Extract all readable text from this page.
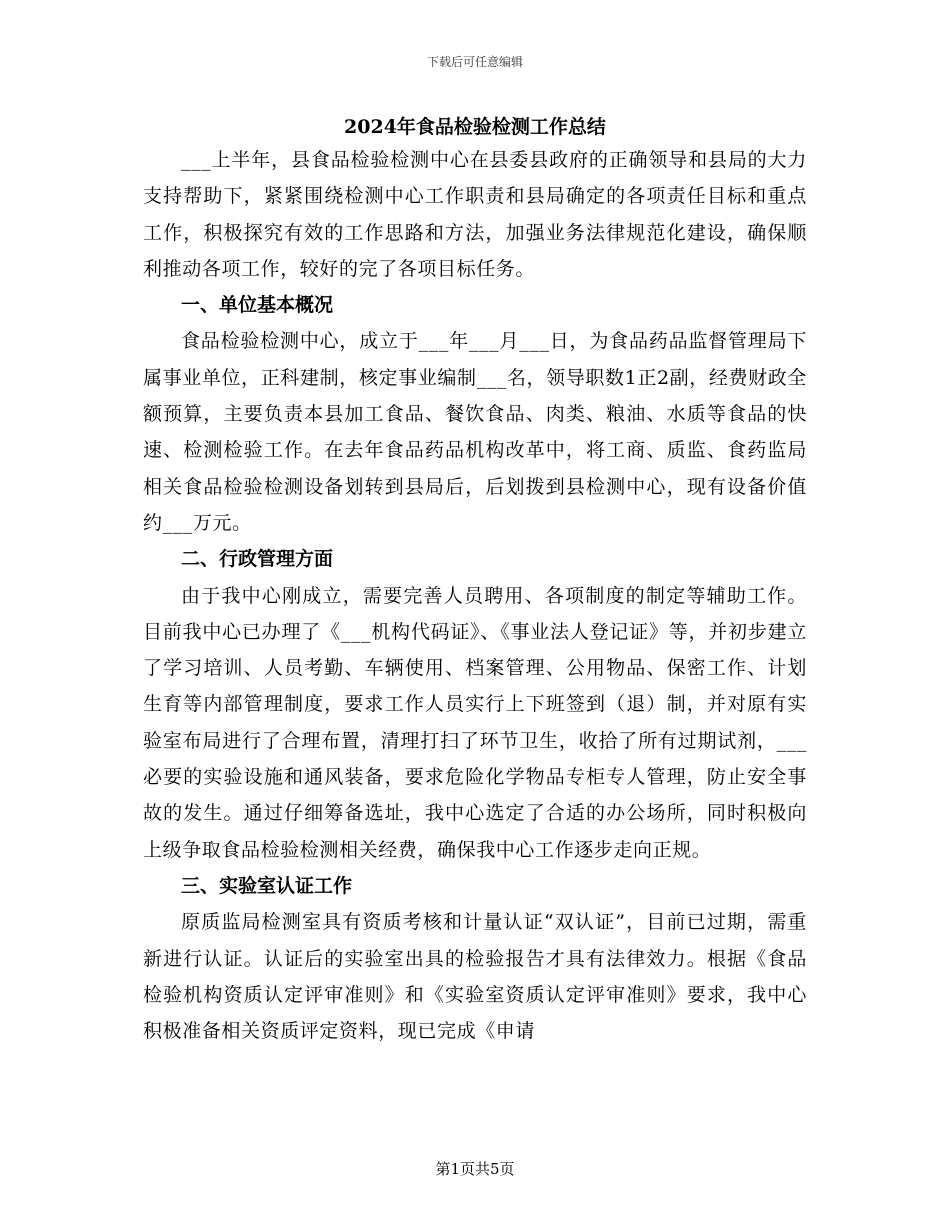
下载后可任意编辑

2024年食品检验检测工作总结

___上半年，县食品检验检测中心在县委县政府的正确领导和县局的大力支持帮助下，紧紧围绕检测中心工作职责和县局确定的各项责任目标和重点工作，积极探究有效的工作思路和方法，加强业务法律规范化建设，确保顺利推动各项工作，较好的完了各项目标任务。

一、单位基本概况

食品检验检测中心，成立于___年___月___日，为食品药品监督管理局下属事业单位，正科建制，核定事业编制___名，领导职数1正2副，经费财政全额预算，主要负责本县加工食品、餐饮食品、肉类、粮油、水质等食品的快速、检测检验工作。在去年食品药品机构改革中，将工商、质监、食药监局相关食品检验检测设备划转到县局后，后划拨到县检测中心，现有设备价值约___万元。

二、行政管理方面

由于我中心刚成立，需要完善人员聘用、各项制度的制定等辅助工作。目前我中心已办理了《___机构代码证》、《事业法人登记证》等，并初步建立了学习培训、人员考勤、车辆使用、档案管理、公用物品、保密工作、计划生育等内部管理制度，要求工作人员实行上下班签到（退）制，并对原有实验室布局进行了合理布置，清理打扫了环节卫生，收拾了所有过期试剂，___必要的实验设施和通风装备，要求危险化学物品专柜专人管理，防止安全事故的发生。通过仔细筹备选址，我中心选定了合适的办公场所，同时积极向上级争取食品检验检测相关经费，确保我中心工作逐步走向正规。

三、实验室认证工作

原质监局检测室具有资质考核和计量认证“双认证”，目前已过期，需重新进行认证。认证后的实验室出具的检验报告才具有法律效力。根据《食品检验机构资质认定评审准则》和《实验室资质认定评审准则》要求，我中心积极准备相关资质评定资料，现已完成《申请

第1页共5页
